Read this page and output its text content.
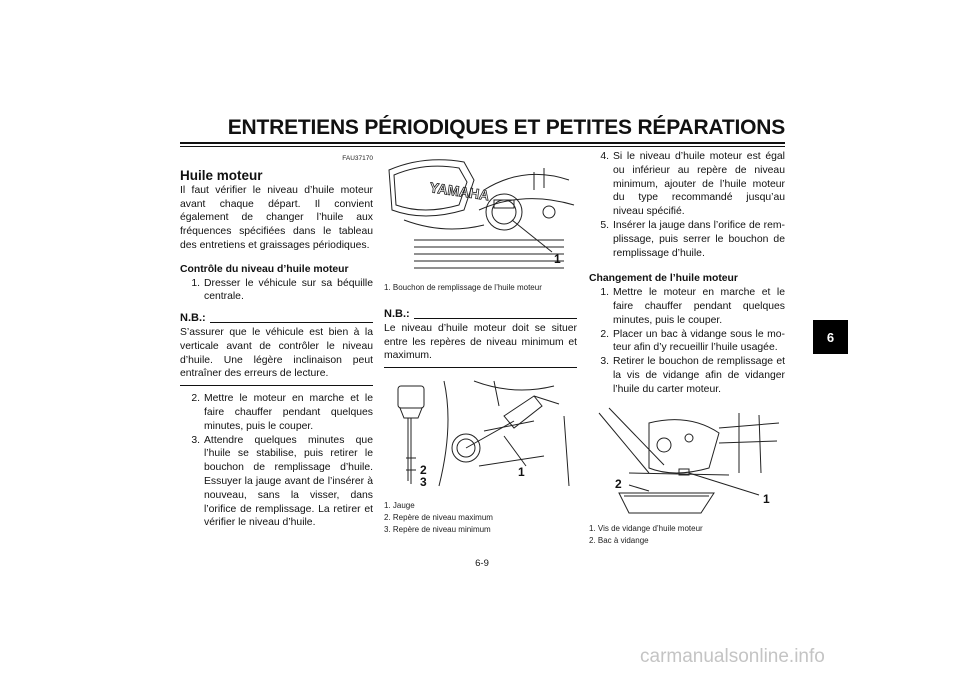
ENTRETIENS PÉRIODIQUES ET PETITES RÉPARATIONS
FAU37170
Huile moteur
Il faut vérifier le niveau d’huile moteur avant chaque départ. Il convient également de changer l’huile aux fréquences spécifiées dans le tableau des entretiens et graissages périodiques.
Contrôle du niveau d’huile moteur
1. Dresser le véhicule sur sa béquille centrale.
N.B.:
S’assurer que le véhicule est bien à la verticale avant de contrôler le niveau d’huile. Une légère inclinaison peut entraîner des erreurs de lecture.
2. Mettre le moteur en marche et le faire chauffer pendant quelques minutes, puis le couper.
3. Attendre quelques minutes que l’huile se stabilise, puis retirer le bouchon de remplissage d’huile. Essuyer la jauge avant de l’insérer à nouveau, sans la visser, dans l’orifice de remplissage. La retirer et vérifier le niveau d’huile.
YAMAHA
1
1. Bouchon de remplissage de l’huile moteur
N.B.:
Le niveau d’huile moteur doit se situer entre les repères de niveau minimum et maximum.
1
2
3
1. Jauge
2. Repère de niveau maximum
3. Repère de niveau minimum
4. Si le niveau d’huile moteur est égal ou inférieur au repère de niveau minimum, ajouter de l’huile moteur du type recommandé jusqu’au niveau spécifié.
5. Insérer la jauge dans l’orifice de remplissage, puis serrer le bouchon de remplissage d’huile.
Changement de l’huile moteur
1. Mettre le moteur en marche et le faire chauffer pendant quelques minutes, puis le couper.
2. Placer un bac à vidange sous le moteur afin d’y recueillir l’huile usagée.
3. Retirer le bouchon de remplissage et la vis de vidange afin de vidanger l’huile du carter moteur.
1
2
1. Vis de vidange d’huile moteur
2. Bac à vidange
6
6-9
carmanualsonline.info
